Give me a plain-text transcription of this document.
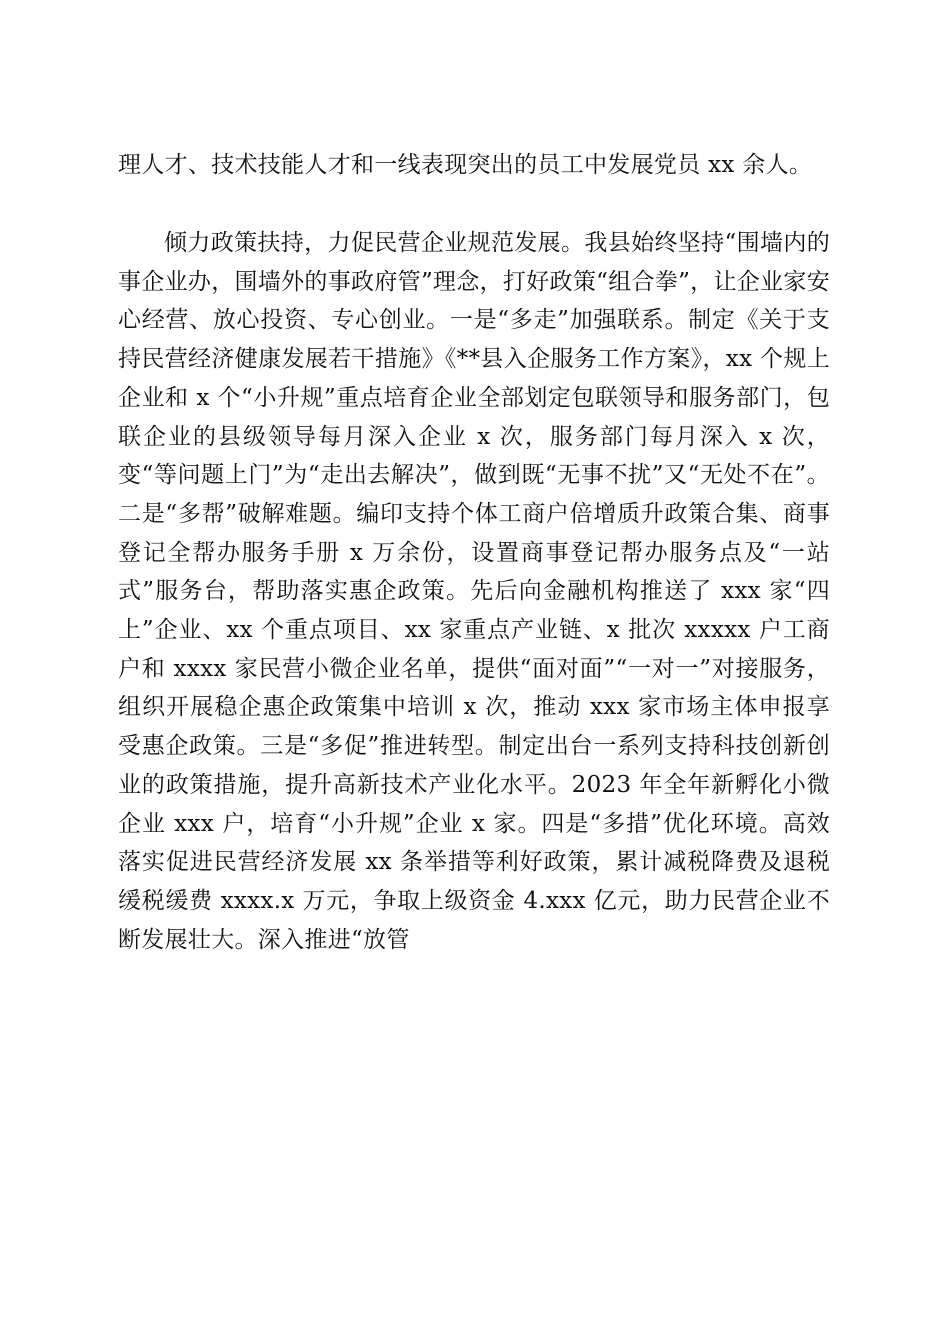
理人才、技术技能人才和一线表现突出的员工中发展党员 xx 余人。

倾力政策扶持，力促民营企业规范发展。我县始终坚持“围墙内的事企业办，围墙外的事政府管”理念，打好政策“组合拳”，让企业家安心经营、放心投资、专心创业。一是“多走”加强联系。制定《关于支持民营经济健康发展若干措施》《**县入企服务工作方案》，xx 个规上企业和 x 个“小升规”重点培育企业全部划定包联领导和服务部门，包联企业的县级领导每月深入企业 x 次，服务部门每月深入 x 次，变“等问题上门”为“走出去解决”，做到既“无事不扰”又“无处不在”。二是“多帮”破解难题。编印支持个体工商户倍增质升政策合集、商事登记全帮办服务手册 x 万余份，设置商事登记帮办服务点及“一站式”服务台，帮助落实惠企政策。先后向金融机构推送了 xxx 家“四上”企业、xx 个重点项目、xx 家重点产业链、x 批次 xxxxx 户工商户和 xxxx 家民营小微企业名单，提供“面对面”“一对一”对接服务，组织开展稳企惠企政策集中培训 x 次，推动 xxx 家市场主体申报享受惠企政策。三是“多促”推进转型。制定出台一系列支持科技创新创业的政策措施，提升高新技术产业化水平。2023 年全年新孵化小微企业 xxx 户，培育“小升规”企业 x 家。四是“多措”优化环境。高效落实促进民营经济发展 xx 条举措等利好政策，累计减税降费及退税缓税缓费 xxxx.x 万元，争取上级资金 4.xxx 亿元，助力民营企业不断发展壮大。深入推进“放管
